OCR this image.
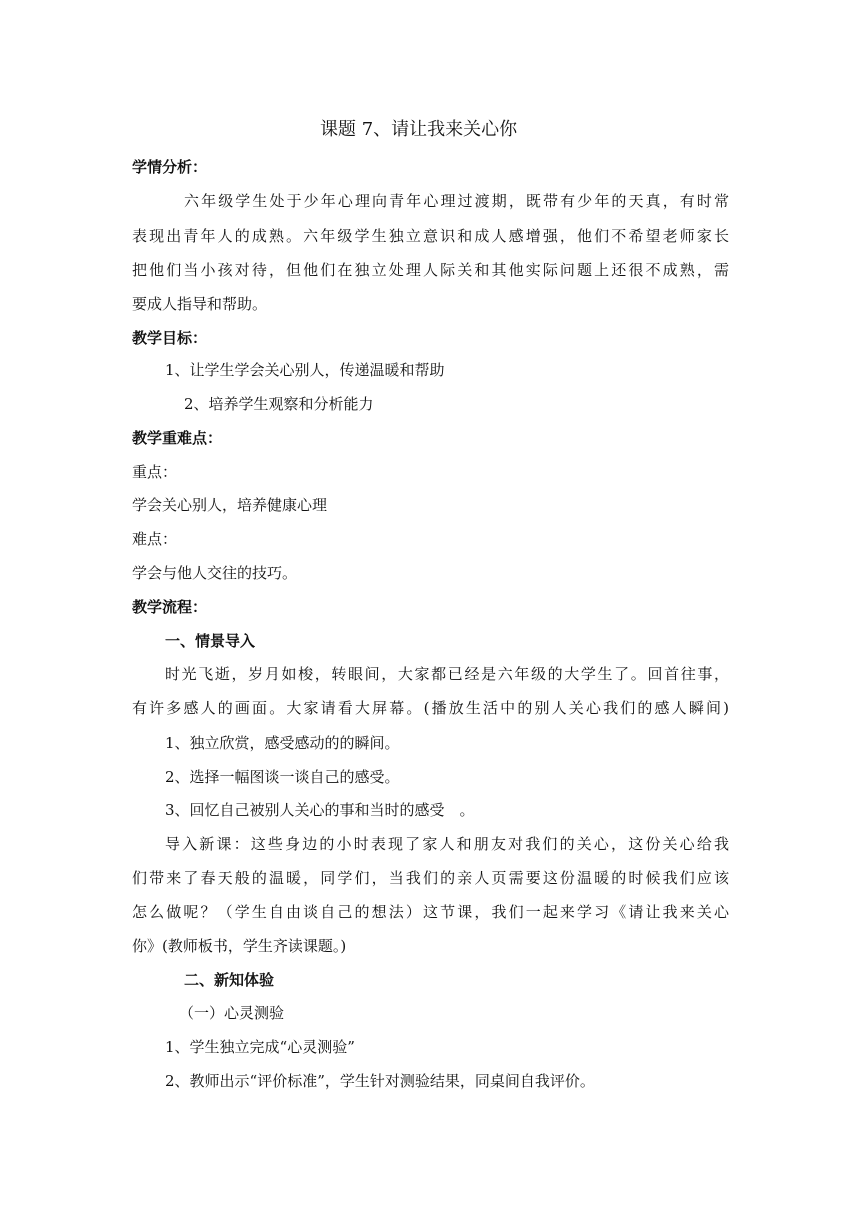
课题 7、请让我来关心你
学情分析：
六年级学生处于少年心理向青年心理过渡期，既带有少年的天真，有时常
表现出青年人的成熟。六年级学生独立意识和成人感增强，他们不希望老师家长
把他们当小孩对待，但他们在独立处理人际关和其他实际问题上还很不成熟，需
要成人指导和帮助。
教学目标：
1、让学生学会关心别人，传递温暖和帮助
2、培养学生观察和分析能力
教学重难点：
重点：
学会关心别人，培养健康心理
难点：
学会与他人交往的技巧。
教学流程：
一、情景导入
时光飞逝，岁月如梭，转眼间，大家都已经是六年级的大学生了。回首往事，
有许多感人的画面。大家请看大屏幕。(播放生活中的别人关心我们的感人瞬间)
1、独立欣赏，感受感动的的瞬间。
2、选择一幅图谈一谈自己的感受。
3、回忆自己被别人关心的事和当时的感受　。
导入新课：这些身边的小时表现了家人和朋友对我们的关心，这份关心给我
们带来了春天般的温暖，同学们，当我们的亲人页需要这份温暖的时候我们应该
怎么做呢？（学生自由谈自己的想法）这节课，我们一起来学习《请让我来关心
你》(教师板书，学生齐读课题。)
二、新知体验
（一）心灵测验
1、学生独立完成“心灵测验”
2、教师出示“评价标准”，学生针对测验结果，同桌间自我评价。
